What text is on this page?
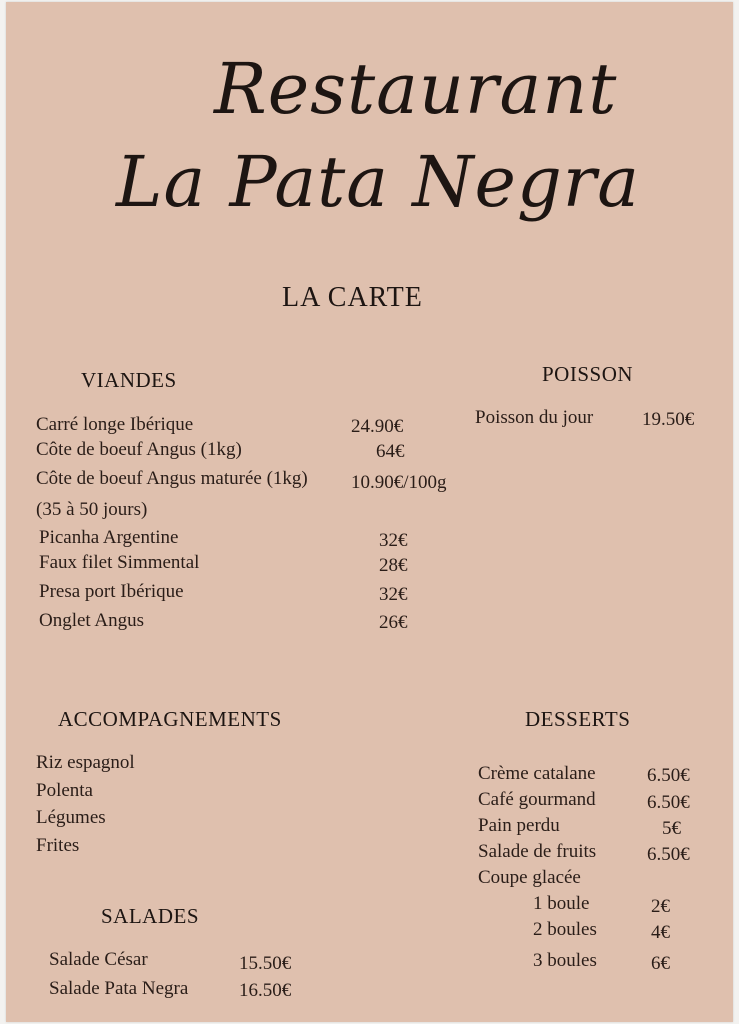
Restaurant
La Pata Negra
LA CARTE
VIANDES
Carré longe Ibérique	24.90€
Côte de boeuf Angus (1kg)	64€
Côte de boeuf Angus maturée (1kg) 10.90€/100g
(35 à 50 jours)
Picanha Argentine	32€
Faux filet Simmental	28€
Presa port Ibérique	32€
Onglet Angus	26€
POISSON
Poisson du jour	19.50€
ACCOMPAGNEMENTS
Riz espagnol
Polenta
Légumes
Frites
DESSERTS
Crème catalane	6.50€
Café gourmand	6.50€
Pain perdu	5€
Salade de fruits	6.50€
Coupe glacée
1 boule	2€
2 boules	4€
3 boules	6€
SALADES
Salade César	15.50€
Salade Pata Negra	16.50€
